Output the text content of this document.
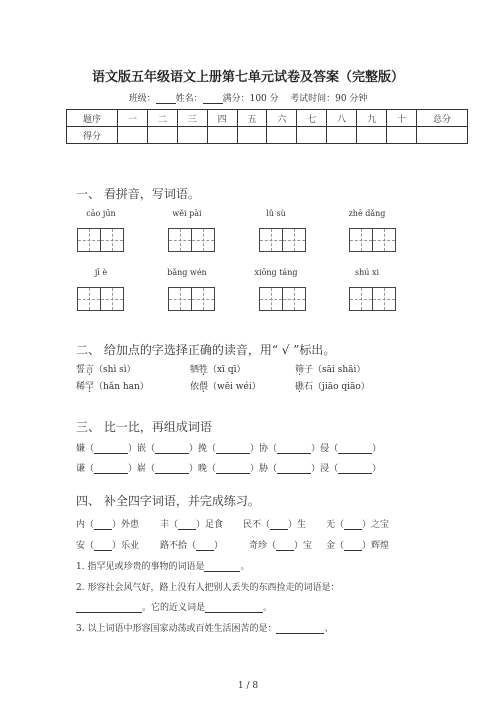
语文版五年级语文上册第七单元试卷及答案（完整版）
班级： 姓名： 满分：100 分 考试时间：90 分钟
题序	一	二	三	四	五	六	七	八	九	十	总分
得分											
一、 看拼音，写词语。
cāo jūn	wěi pài	lǔ sù	zhē dǎng
jī è	bǎng wén	xiōng táng	shú xi
二、 给加点的字选择正确的读音，用“ √ ”标出。
誓言（shì sì）	牺牲（xī qī）	筛子（sāi shāi）
稀罕（hǎn han）	依偎（wēi wéi）	礁石（jiāo qiāo）
三、 比一比，再组成词语
嫌（	）嵌（	）挽（	）协（	）侵（	）
谦（	）崭（	）晚（	）胁（	）浸（	）
四、 补全四字词语，并完成练习。
内（ ）外患 丰（ ）足食 民不（ ）生 无（ ）之宝
安（ ）乐业 路不拾（ ）	奇珍（ ）宝 金（ ）辉煌
1. 指罕见或珍贵的事物的词语是	。
2. 形容社会风气好，路上没有人把别人丢失的东西捡走的词语是：
。它的近义词是	。
3. 以上词语中形容国家动荡或百姓生活困苦的是：	、
1 / 8
